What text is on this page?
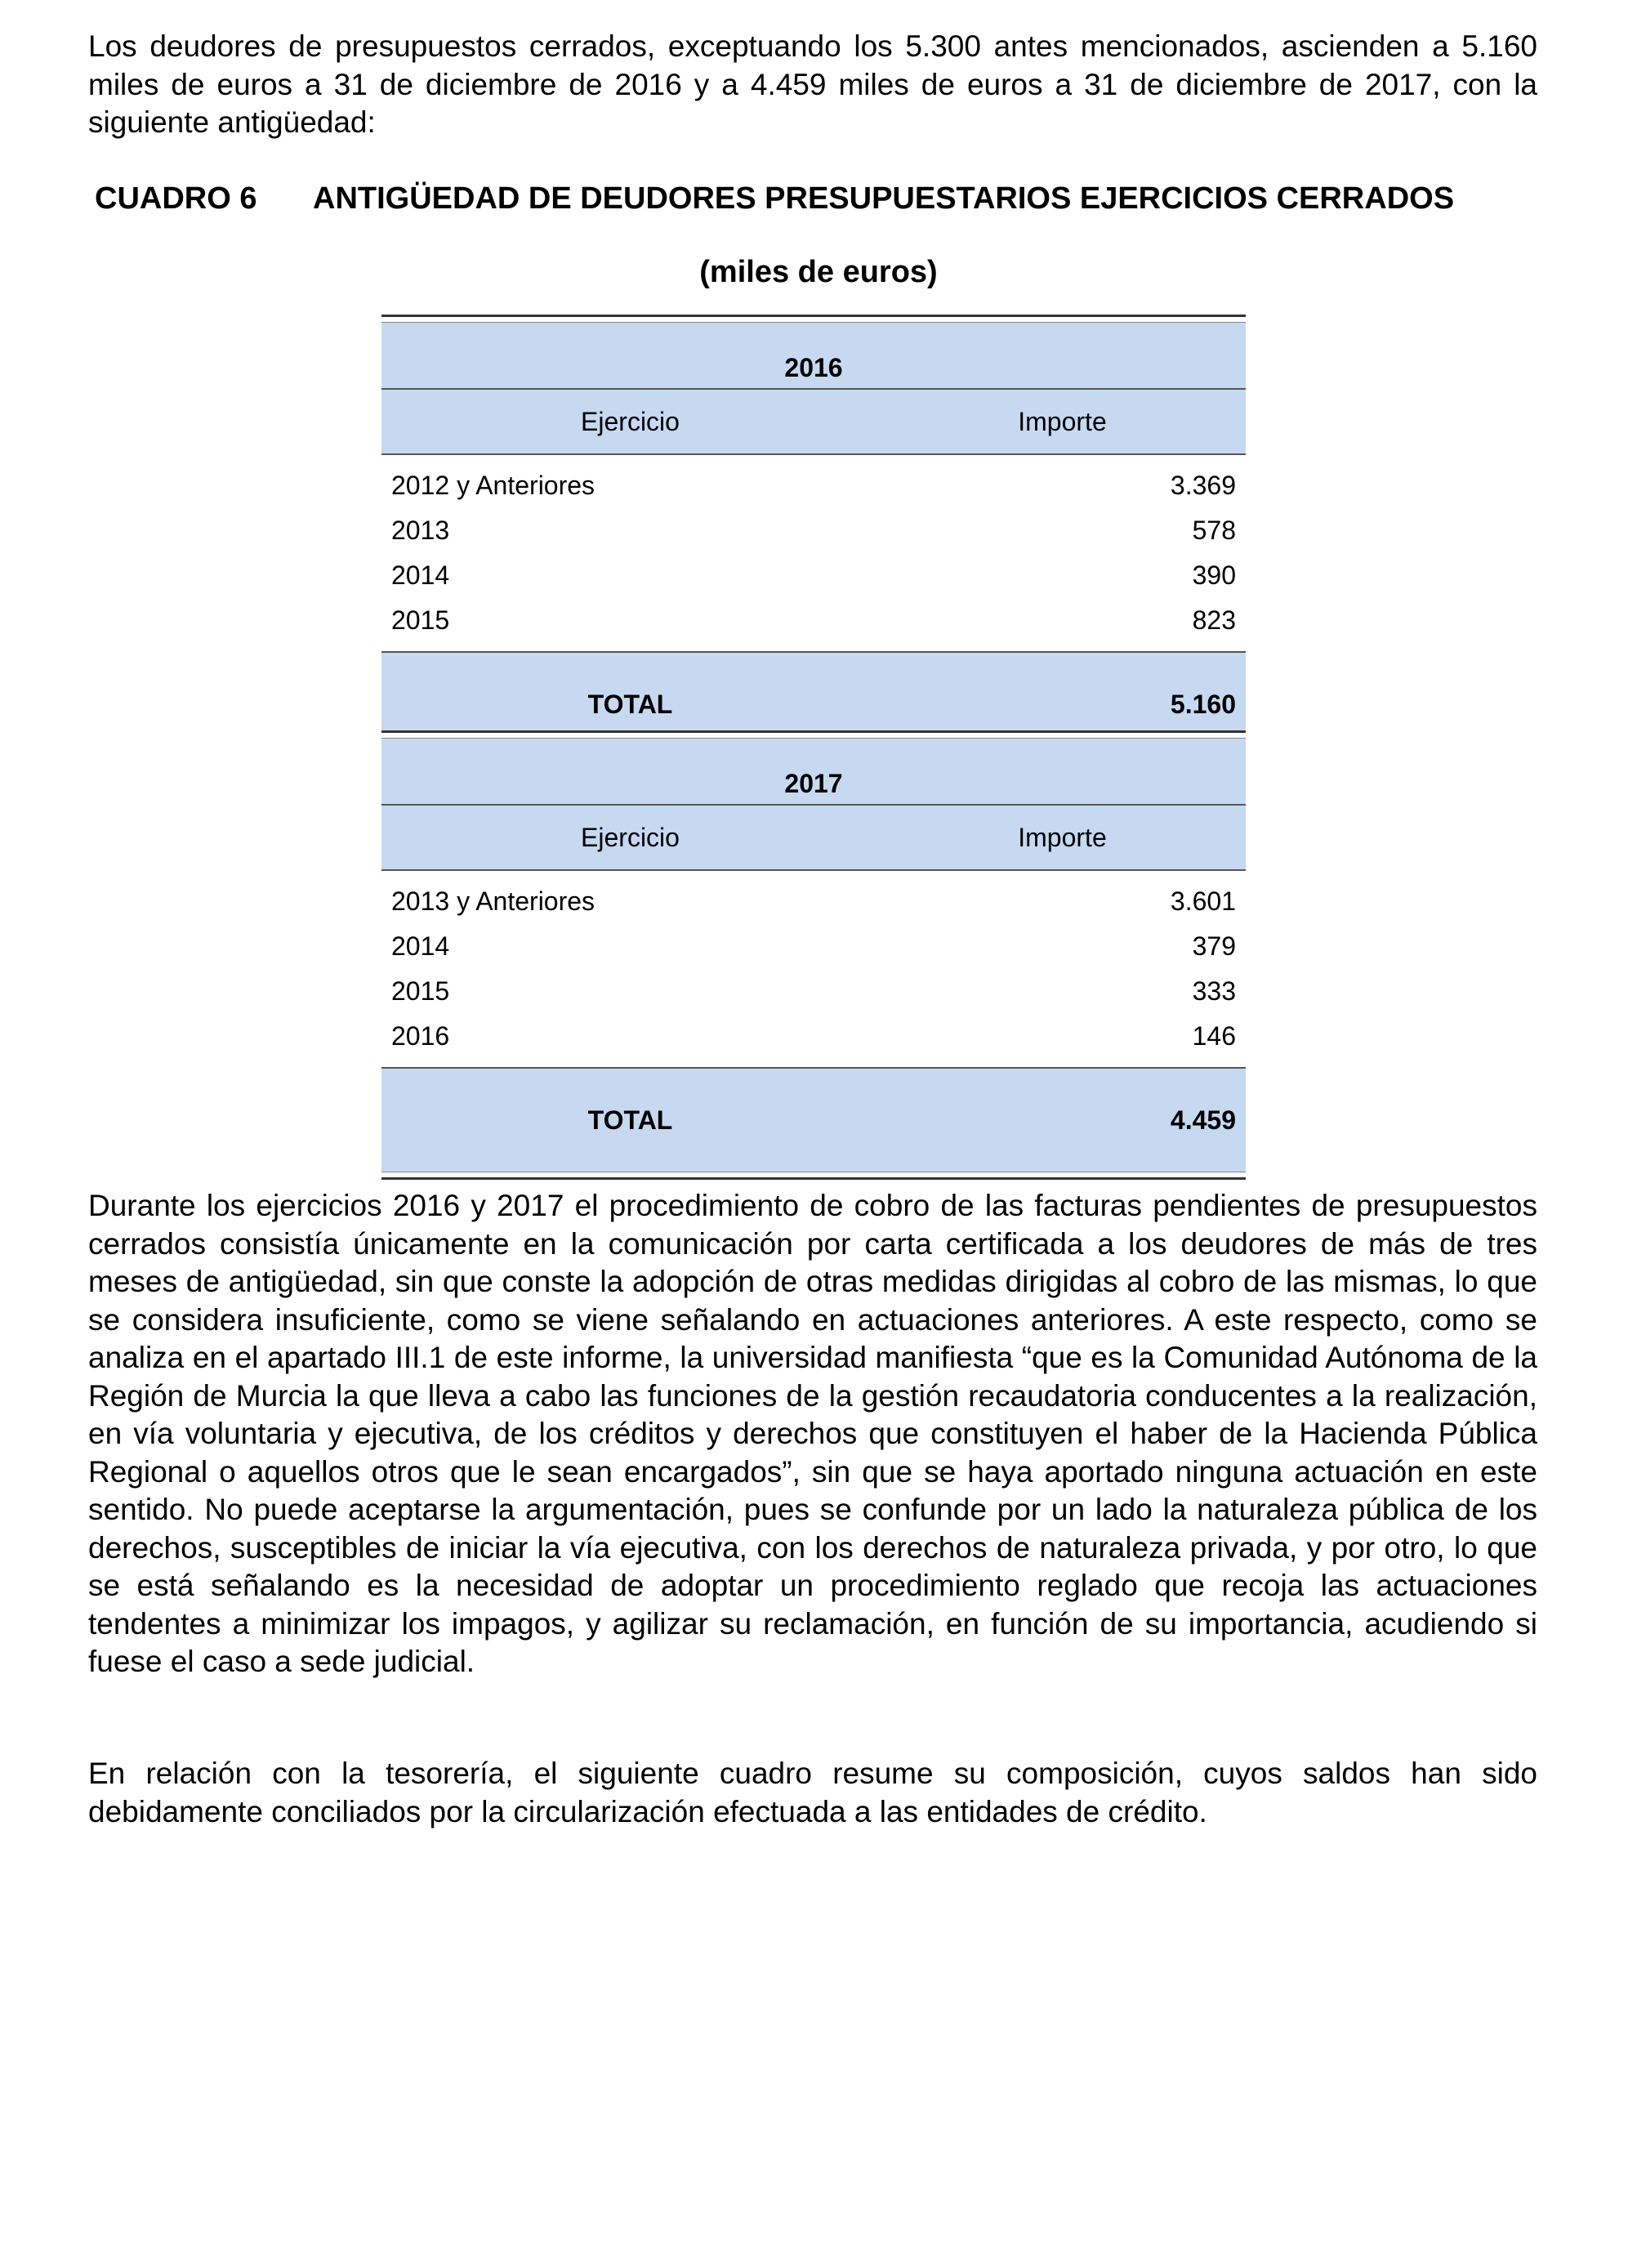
Los deudores de presupuestos cerrados, exceptuando los 5.300 antes mencionados, ascienden a 5.160 miles de euros a 31 de diciembre de 2016 y a 4.459 miles de euros a 31 de diciembre de 2017, con la siguiente antigüedad:

CUADRO 6 ANTIGÜEDAD DE DEUDORES PRESUPUESTARIOS EJERCICIOS CERRADOS
(miles de euros)
2016
Ejercicio	Importe
2012 y Anteriores	3.369
2013	578
2014	390
2015	823
TOTAL	5.160
2017
Ejercicio	Importe
2013 y Anteriores	3.601
2014	379
2015	333
2016	146
TOTAL	4.459

Durante los ejercicios 2016 y 2017 el procedimiento de cobro de las facturas pendientes de presupuestos cerrados consistía únicamente en la comunicación por carta certificada a los deudores de más de tres meses de antigüedad, sin que conste la adopción de otras medidas dirigidas al cobro de las mismas, lo que se considera insuficiente, como se viene señalando en actuaciones anteriores. A este respecto, como se analiza en el apartado III.1 de este informe, la universidad manifiesta “que es la Comunidad Autónoma de la Región de Murcia la que lleva a cabo las funciones de la gestión recaudatoria conducentes a la realización, en vía voluntaria y ejecutiva, de los créditos y derechos que constituyen el haber de la Hacienda Pública Regional o aquellos otros que le sean encargados”, sin que se haya aportado ninguna actuación en este sentido. No puede aceptarse la argumentación, pues se confunde por un lado la naturaleza pública de los derechos, susceptibles de iniciar la vía ejecutiva, con los derechos de naturaleza privada, y por otro, lo que se está señalando es la necesidad de adoptar un procedimiento reglado que recoja las actuaciones tendentes a minimizar los impagos, y agilizar su reclamación, en función de su importancia, acudiendo si fuese el caso a sede judicial.

En relación con la tesorería, el siguiente cuadro resume su composición, cuyos saldos han sido debidamente conciliados por la circularización efectuada a las entidades de crédito.
